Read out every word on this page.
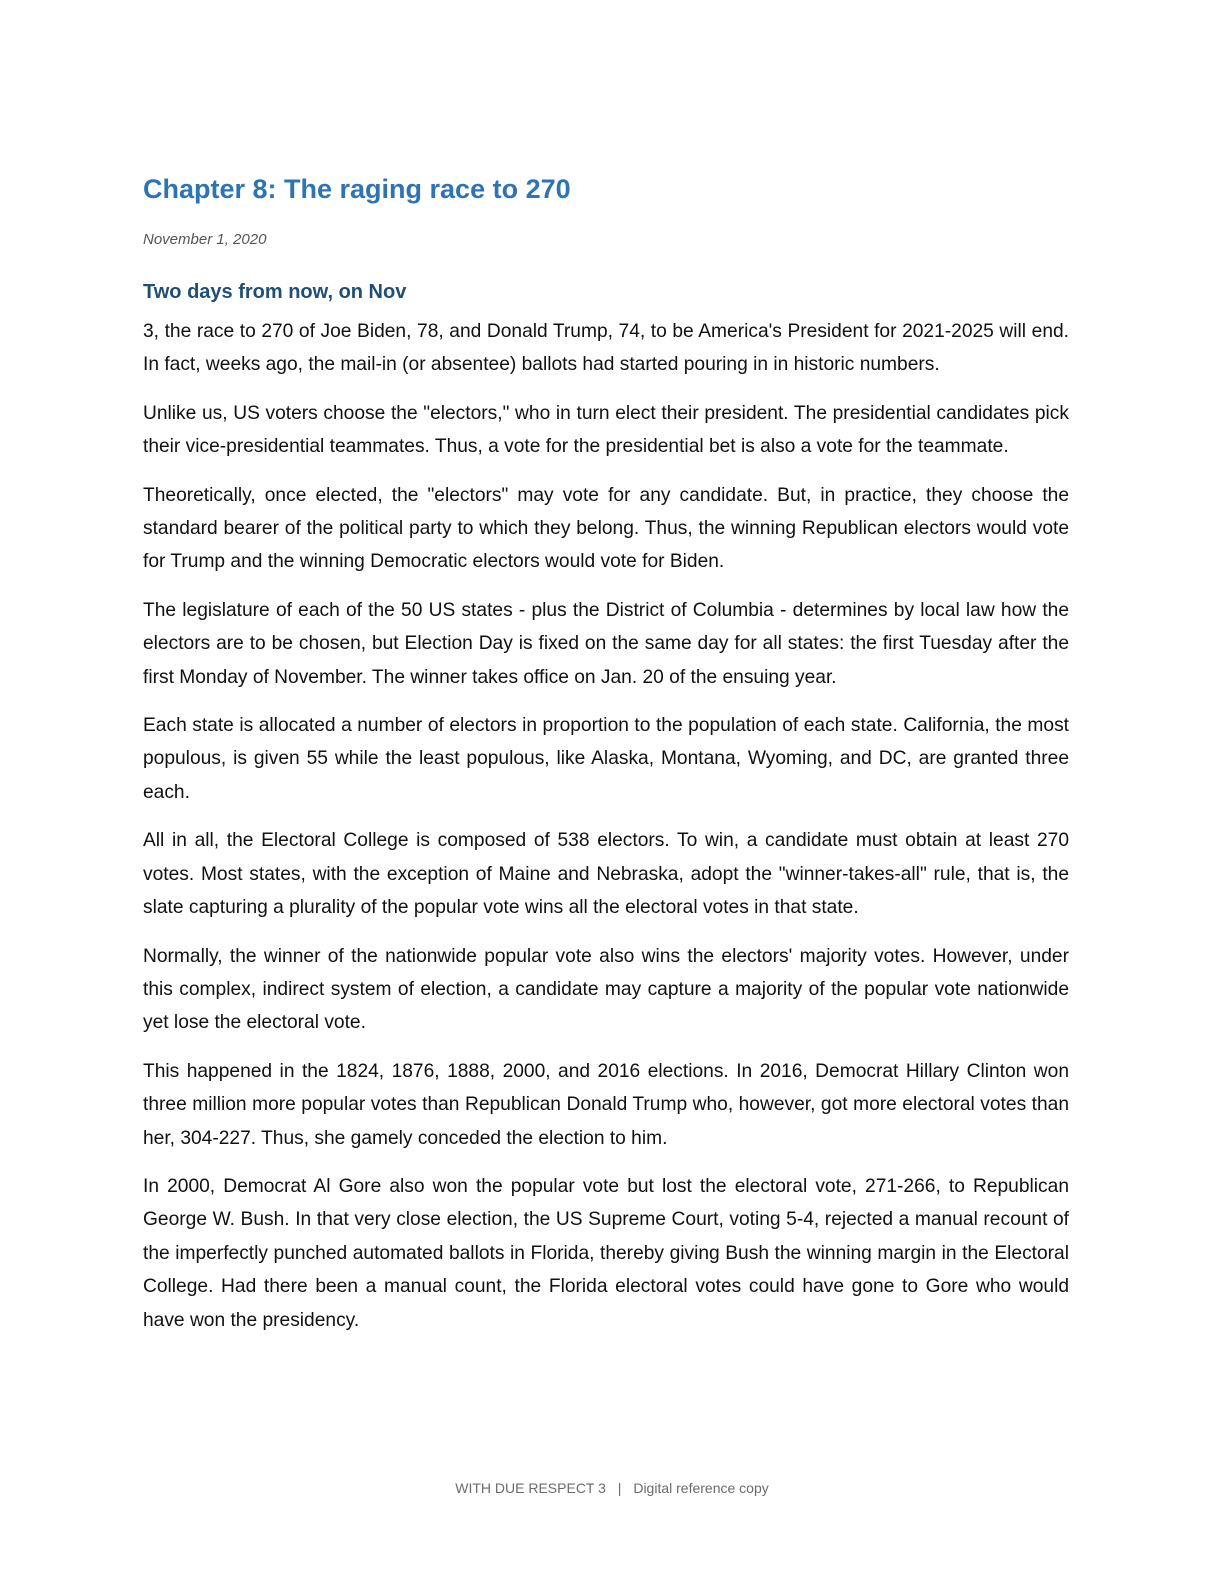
Chapter 8: The raging race to 270
November 1, 2020
Two days from now, on Nov

3, the race to 270 of Joe Biden, 78, and Donald Trump, 74, to be America's President for 2021-2025 will end. In fact, weeks ago, the mail-in (or absentee) ballots had started pouring in in historic numbers.

Unlike us, US voters choose the "electors," who in turn elect their president. The presidential candidates pick their vice-presidential teammates. Thus, a vote for the presidential bet is also a vote for the teammate.

Theoretically, once elected, the "electors" may vote for any candidate. But, in practice, they choose the standard bearer of the political party to which they belong. Thus, the winning Republican electors would vote for Trump and the winning Democratic electors would vote for Biden.

The legislature of each of the 50 US states - plus the District of Columbia - determines by local law how the electors are to be chosen, but Election Day is fixed on the same day for all states: the first Tuesday after the first Monday of November. The winner takes office on Jan. 20 of the ensuing year.

Each state is allocated a number of electors in proportion to the population of each state. California, the most populous, is given 55 while the least populous, like Alaska, Montana, Wyoming, and DC, are granted three each.

All in all, the Electoral College is composed of 538 electors. To win, a candidate must obtain at least 270 votes. Most states, with the exception of Maine and Nebraska, adopt the "winner-takes-all" rule, that is, the slate capturing a plurality of the popular vote wins all the electoral votes in that state.

Normally, the winner of the nationwide popular vote also wins the electors' majority votes. However, under this complex, indirect system of election, a candidate may capture a majority of the popular vote nationwide yet lose the electoral vote.

This happened in the 1824, 1876, 1888, 2000, and 2016 elections. In 2016, Democrat Hillary Clinton won three million more popular votes than Republican Donald Trump who, however, got more electoral votes than her, 304-227. Thus, she gamely conceded the election to him.

In 2000, Democrat Al Gore also won the popular vote but lost the electoral vote, 271-266, to Republican George W. Bush. In that very close election, the US Supreme Court, voting 5-4, rejected a manual recount of the imperfectly punched automated ballots in Florida, thereby giving Bush the winning margin in the Electoral College. Had there been a manual count, the Florida electoral votes could have gone to Gore who would have won the presidency.

WITH DUE RESPECT 3 | Digital reference copy
